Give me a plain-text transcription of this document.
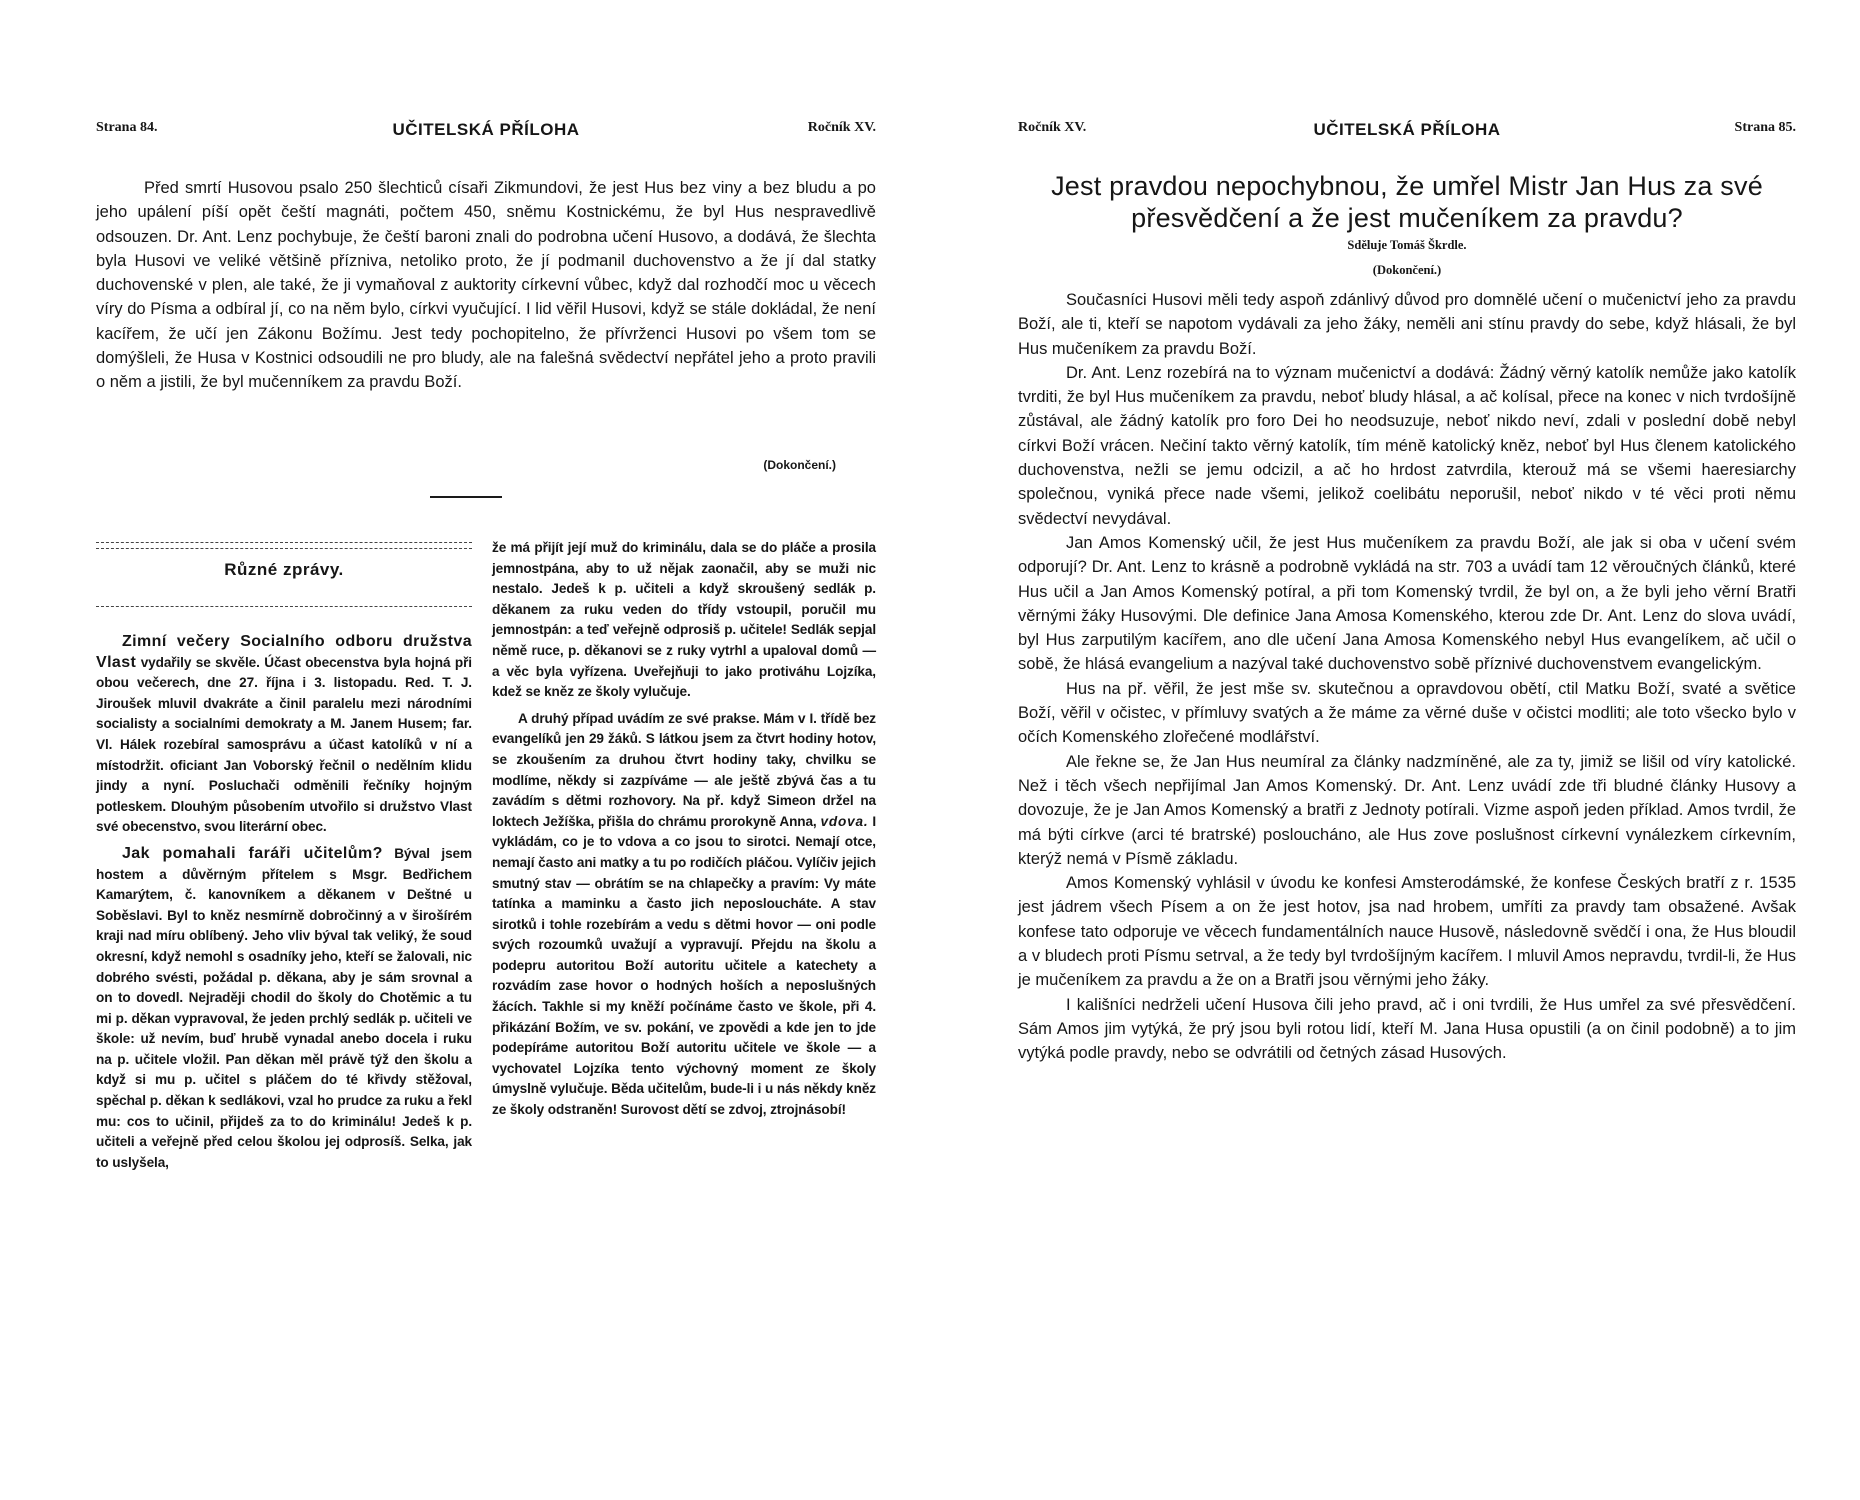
Strana 84.	UČITELSKÁ PŘÍLOHA	Ročník XV.

Před smrtí Husovou psalo 250 šlechticů císaři Zikmundovi, že jest Hus bez viny a bez bludu a po jeho upálení píší opět čeští magnáti, počtem 450, sněmu Kostnickému, že byl Hus nespravedlivě odsouzen. Dr. Ant. Lenz pochybuje, že čeští baroni znali do podrobna učení Husovo, a dodává, že šlechta byla Husovi ve veliké většině přízniva, netoliko proto, že jí podmanil duchovenstvo a že jí dal statky duchovenské v plen, ale také, že ji vymaňoval z auktority církevní vůbec, když dal rozhodčí moc u věcech víry do Písma a odbíral jí, co na něm bylo, církvi vyučující. I lid věřil Husovi, když se stále dokládal, že není kacířem, že učí jen Zákonu Božímu. Jest tedy pochopitelno, že přívrženci Husovi po všem tom se domýšleli, že Husa v Kostnici odsoudili ne pro bludy, ale na falešná svědectví nepřátel jeho a proto pravili o něm a jistili, že byl mučenníkem za pravdu Boží.

(Dokončení.)
Různé zprávy.

Zimní večery Socialního odboru družstva Vlast vydařily se skvěle. Účast obecenstva byla hojná při obou večerech, dne 27. října i 3. listopadu. Red. T. J. Jiroušek mluvil dvakráte a činil paralelu mezi národními socialisty a socialními demokraty a M. Janem Husem; far. Vl. Hálek rozebíral samosprávu a účast katolíků v ní a místodržit. oficiant Jan Voborský řečnil o nedělním klidu jindy a nyní. Posluchači odměnili řečníky hojným potleskem. Dlouhým působením utvořilo si družstvo Vlast své obecenstvo, svou literární obec.

Jak pomahali faráři učitelům? Býval jsem hostem a důvěrným přítelem s Msgr. Bedřichem Kamarýtem, č. kanovníkem a děkanem v Deštné u Soběslavi. Byl to kněz nesmírně dobročinný a v širošírém kraji nad míru oblíbený. Jeho vliv býval tak veliký, že soud okresní, když nemohl s osadníky jeho, kteří se žalovali, nic dobrého svésti, požádal p. děkana, aby je sám srovnal a on to dovedl. Nejraději chodil do školy do Chotěmic a tu mi p. děkan vypravoval, že jeden prchlý sedlák p. učiteli ve škole: už nevím, buď hrubě vynadal anebo docela i ruku na p. učitele vložil. Pan děkan měl právě týž den školu a když si mu p. učitel s pláčem do té křivdy stěžoval, spěchal p. děkan k sedlákovi, vzal ho prudce za ruku a řekl mu: cos to učinil, přijdeš za to do kriminálu! Jedeš k p. učiteli a veřejně před celou školou jej odprosíš. Selka, jak to uslyšela,

že má přijít její muž do kriminálu, dala se do pláče a prosila jemnostpána, aby to už nějak zaonačil, aby se muži nic nestalo. Jedeš k p. učiteli a když skroušený sedlák p. děkanem za ruku veden do třídy vstoupil, poručil mu jemnostpán: a teď veřejně odprosiš p. učitele! Sedlák sepjal němě ruce, p. děkanovi se z ruky vytrhl a upaloval domů — a věc byla vyřízena. Uveřejňuji to jako protiváhu Lojzíka, kdež se kněz ze školy vylučuje.

A druhý případ uvádím ze své prakse. Mám v I. třídě bez evangelíků jen 29 žáků. S látkou jsem za čtvrt hodiny hotov, se zkoušením za druhou čtvrt hodiny taky, chvilku se modlíme, někdy si zazpíváme — ale ještě zbývá čas a tu zavádím s dětmi rozhovory. Na př. když Simeon držel na loktech Ježíška, přišla do chrámu prorokyně Anna, vdova. I vykládám, co je to vdova a co jsou to sirotci. Nemají otce, nemají často ani matky a tu po rodičích pláčou. Vylíčiv jejich smutný stav — obrátím se na chlapečky a pravím: Vy máte tatínka a maminku a často jich neposloucháte. A stav sirotků i tohle rozebírám a vedu s dětmi hovor — oni podle svých rozoumků uvažují a vypravují. Přejdu na školu a podepru autoritou Boží autoritu učitele a katechety a rozvádím zase hovor o hodných hoších a neposlušných žácích. Takhle si my kněží počínáme často ve škole, při 4. přikázání Božím, ve sv. pokání, ve zpovědi a kde jen to jde podepíráme autoritou Boží autoritu učitele ve škole — a vychovatel Lojzíka tento výchovný moment ze školy úmyslně vylučuje. Běda učitelům, bude-li i u nás někdy kněz ze školy odstraněn! Surovost dětí se zdvoj, ztrojnásobí!

Ročník XV.	UČITELSKÁ PŘÍLOHA	Strana 85.
Jest pravdou nepochybnou, že umřel Mistr Jan Hus za své
přesvědčení a že jest mučeníkem za pravdu?
Sděluje Tomáš Škrdle.
(Dokončení.)

Současníci Husovi měli tedy aspoň zdánlivý důvod pro domnělé učení o mučenictví jeho za pravdu Boží, ale ti, kteří se napotom vydávali za jeho žáky, neměli ani stínu pravdy do sebe, když hlásali, že byl Hus mučeníkem za pravdu Boží.

Dr. Ant. Lenz rozebírá na to význam mučenictví a dodává: Žádný věrný katolík nemůže jako katolík tvrditi, že byl Hus mučeníkem za pravdu, neboť bludy hlásal, a ač kolísal, přece na konec v nich tvrdošíjně zůstával, ale žádný katolík pro foro Dei ho neodsuzuje, neboť nikdo neví, zdali v poslední době nebyl církvi Boží vrácen. Nečiní takto věrný katolík, tím méně katolický kněz, neboť byl Hus členem katolického duchovenstva, nežli se jemu odcizil, a ač ho hrdost zatvrdila, kterouž má se všemi haeresiarchy společnou, vyniká přece nade všemi, jelikož coelibátu neporušil, neboť nikdo v té věci proti němu svědectví nevydával.

Jan Amos Komenský učil, že jest Hus mučeníkem za pravdu Boží, ale jak si oba v učení svém odporují? Dr. Ant. Lenz to krásně a podrobně vykládá na str. 703 a uvádí tam 12 věroučných článků, které Hus učil a Jan Amos Komenský potíral, a při tom Komenský tvrdil, že byl on, a že byli jeho věrní Bratři věrnými žáky Husovými. Dle definice Jana Amosa Komenského, kterou zde Dr. Ant. Lenz do slova uvádí, byl Hus zarputilým kacířem, ano dle učení Jana Amosa Komenského nebyl Hus evangelíkem, ač učil o sobě, že hlásá evangelium a nazýval také duchovenstvo sobě příznivé duchovenstvem evangelickým.

Hus na př. věřil, že jest mše sv. skutečnou a opravdovou obětí, ctil Matku Boží, svaté a světice Boží, věřil v očistec, v přímluvy svatých a že máme za věrné duše v očistci modliti; ale toto všecko bylo v očích Komenského zlořečené modlářství.

Ale řekne se, že Jan Hus neumíral za články nadzmíněné, ale za ty, jimiž se lišil od víry katolické. Než i těch všech nepřijímal Jan Amos Komenský. Dr. Ant. Lenz uvádí zde tři bludné články Husovy a dovozuje, že je Jan Amos Komenský a bratři z Jednoty potírali. Vizme aspoň jeden příklad. Amos tvrdil, že má býti církve (arci té bratrské) posloucháno, ale Hus zove poslušnost církevní vynálezkem církevním, kterýž nemá v Písmě základu.

Amos Komenský vyhlásil v úvodu ke konfesi Amsterodámské, že konfese Českých bratří z r. 1535 jest jádrem všech Písem a on že jest hotov, jsa nad hrobem, umříti za pravdy tam obsažené. Avšak konfese tato odporuje ve věcech fundamentálních nauce Husově, následovně svědčí i ona, že Hus bloudil a v bludech proti Písmu setrval, a že tedy byl tvrdošíjným kacířem. I mluvil Amos nepravdu, tvrdil-li, že Hus je mučeníkem za pravdu a že on a Bratři jsou věrnými jeho žáky.

I kališníci nedrželi učení Husova čili jeho pravd, ač i oni tvrdili, že Hus umřel za své přesvědčení. Sám Amos jim vytýká, že prý jsou byli rotou lidí, kteří M. Jana Husa opustili (a on činil podobně) a to jim vytýká podle pravdy, nebo se odvrátili od četných zásad Husových.
